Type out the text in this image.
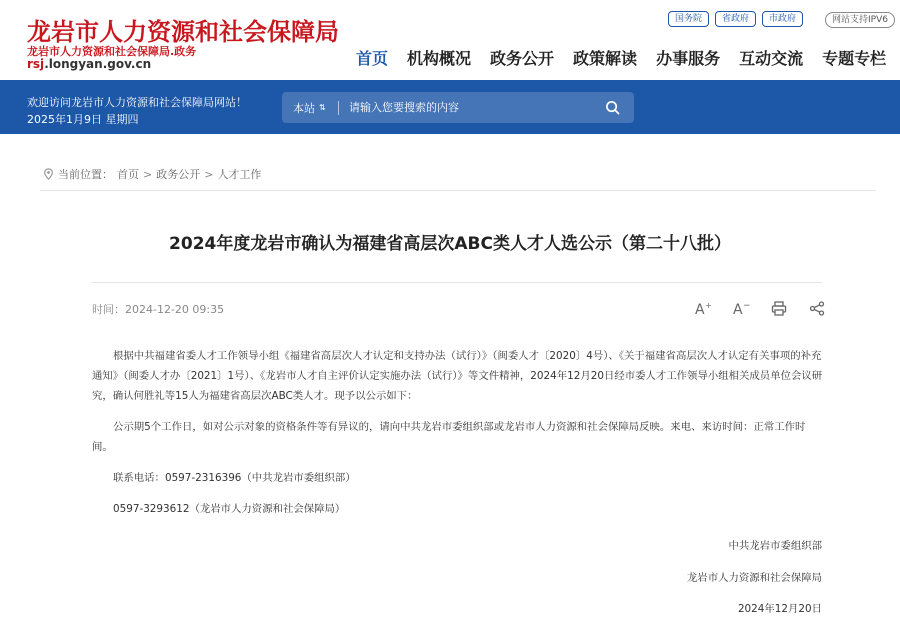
龙岩市人力资源和社会保障局
龙岩市人力资源和社会保障局.政务
rsj.longyan.gov.cn
国务院	省政府	市政府	网站支持IPV6
首页 机构概况 政务公开 政策解读 办事服务 互动交流 专题专栏
欢迎访问龙岩市人力资源和社会保障局网站！
2025年1月9日 星期四
本站 ⇅
请输入您要搜索的内容
当前位置： 首页 > 政务公开 > 人才工作
2024年度龙岩市确认为福建省高层次ABC类人才人选公示（第二十八批）
时间：2024-12-20 09:35	A + A −

根据中共福建省委人才工作领导小组《福建省高层次人才认定和支持办法（试行）》（闽委人才〔2020〕4号）、《关于福建省高层次人才认定有关事项的补充通知》（闽委人才办〔2021〕1号）、《龙岩市人才自主评价认定实施办法（试行）》等文件精神，2024年12月20日经市委人才工作领导小组相关成员单位会议研究，确认何胜礼等15人为福建省高层次ABC类人才。现予以公示如下：

公示期5个工作日，如对公示对象的资格条件等有异议的，请向中共龙岩市委组织部或龙岩市人力资源和社会保障局反映。来电、来访时间：正常工作时间。

联系电话：0597-2316396（中共龙岩市委组织部）

0597-3293612（龙岩市人力资源和社会保障局）

中共龙岩市委组织部
龙岩市人力资源和社会保障局
2024年12月20日
